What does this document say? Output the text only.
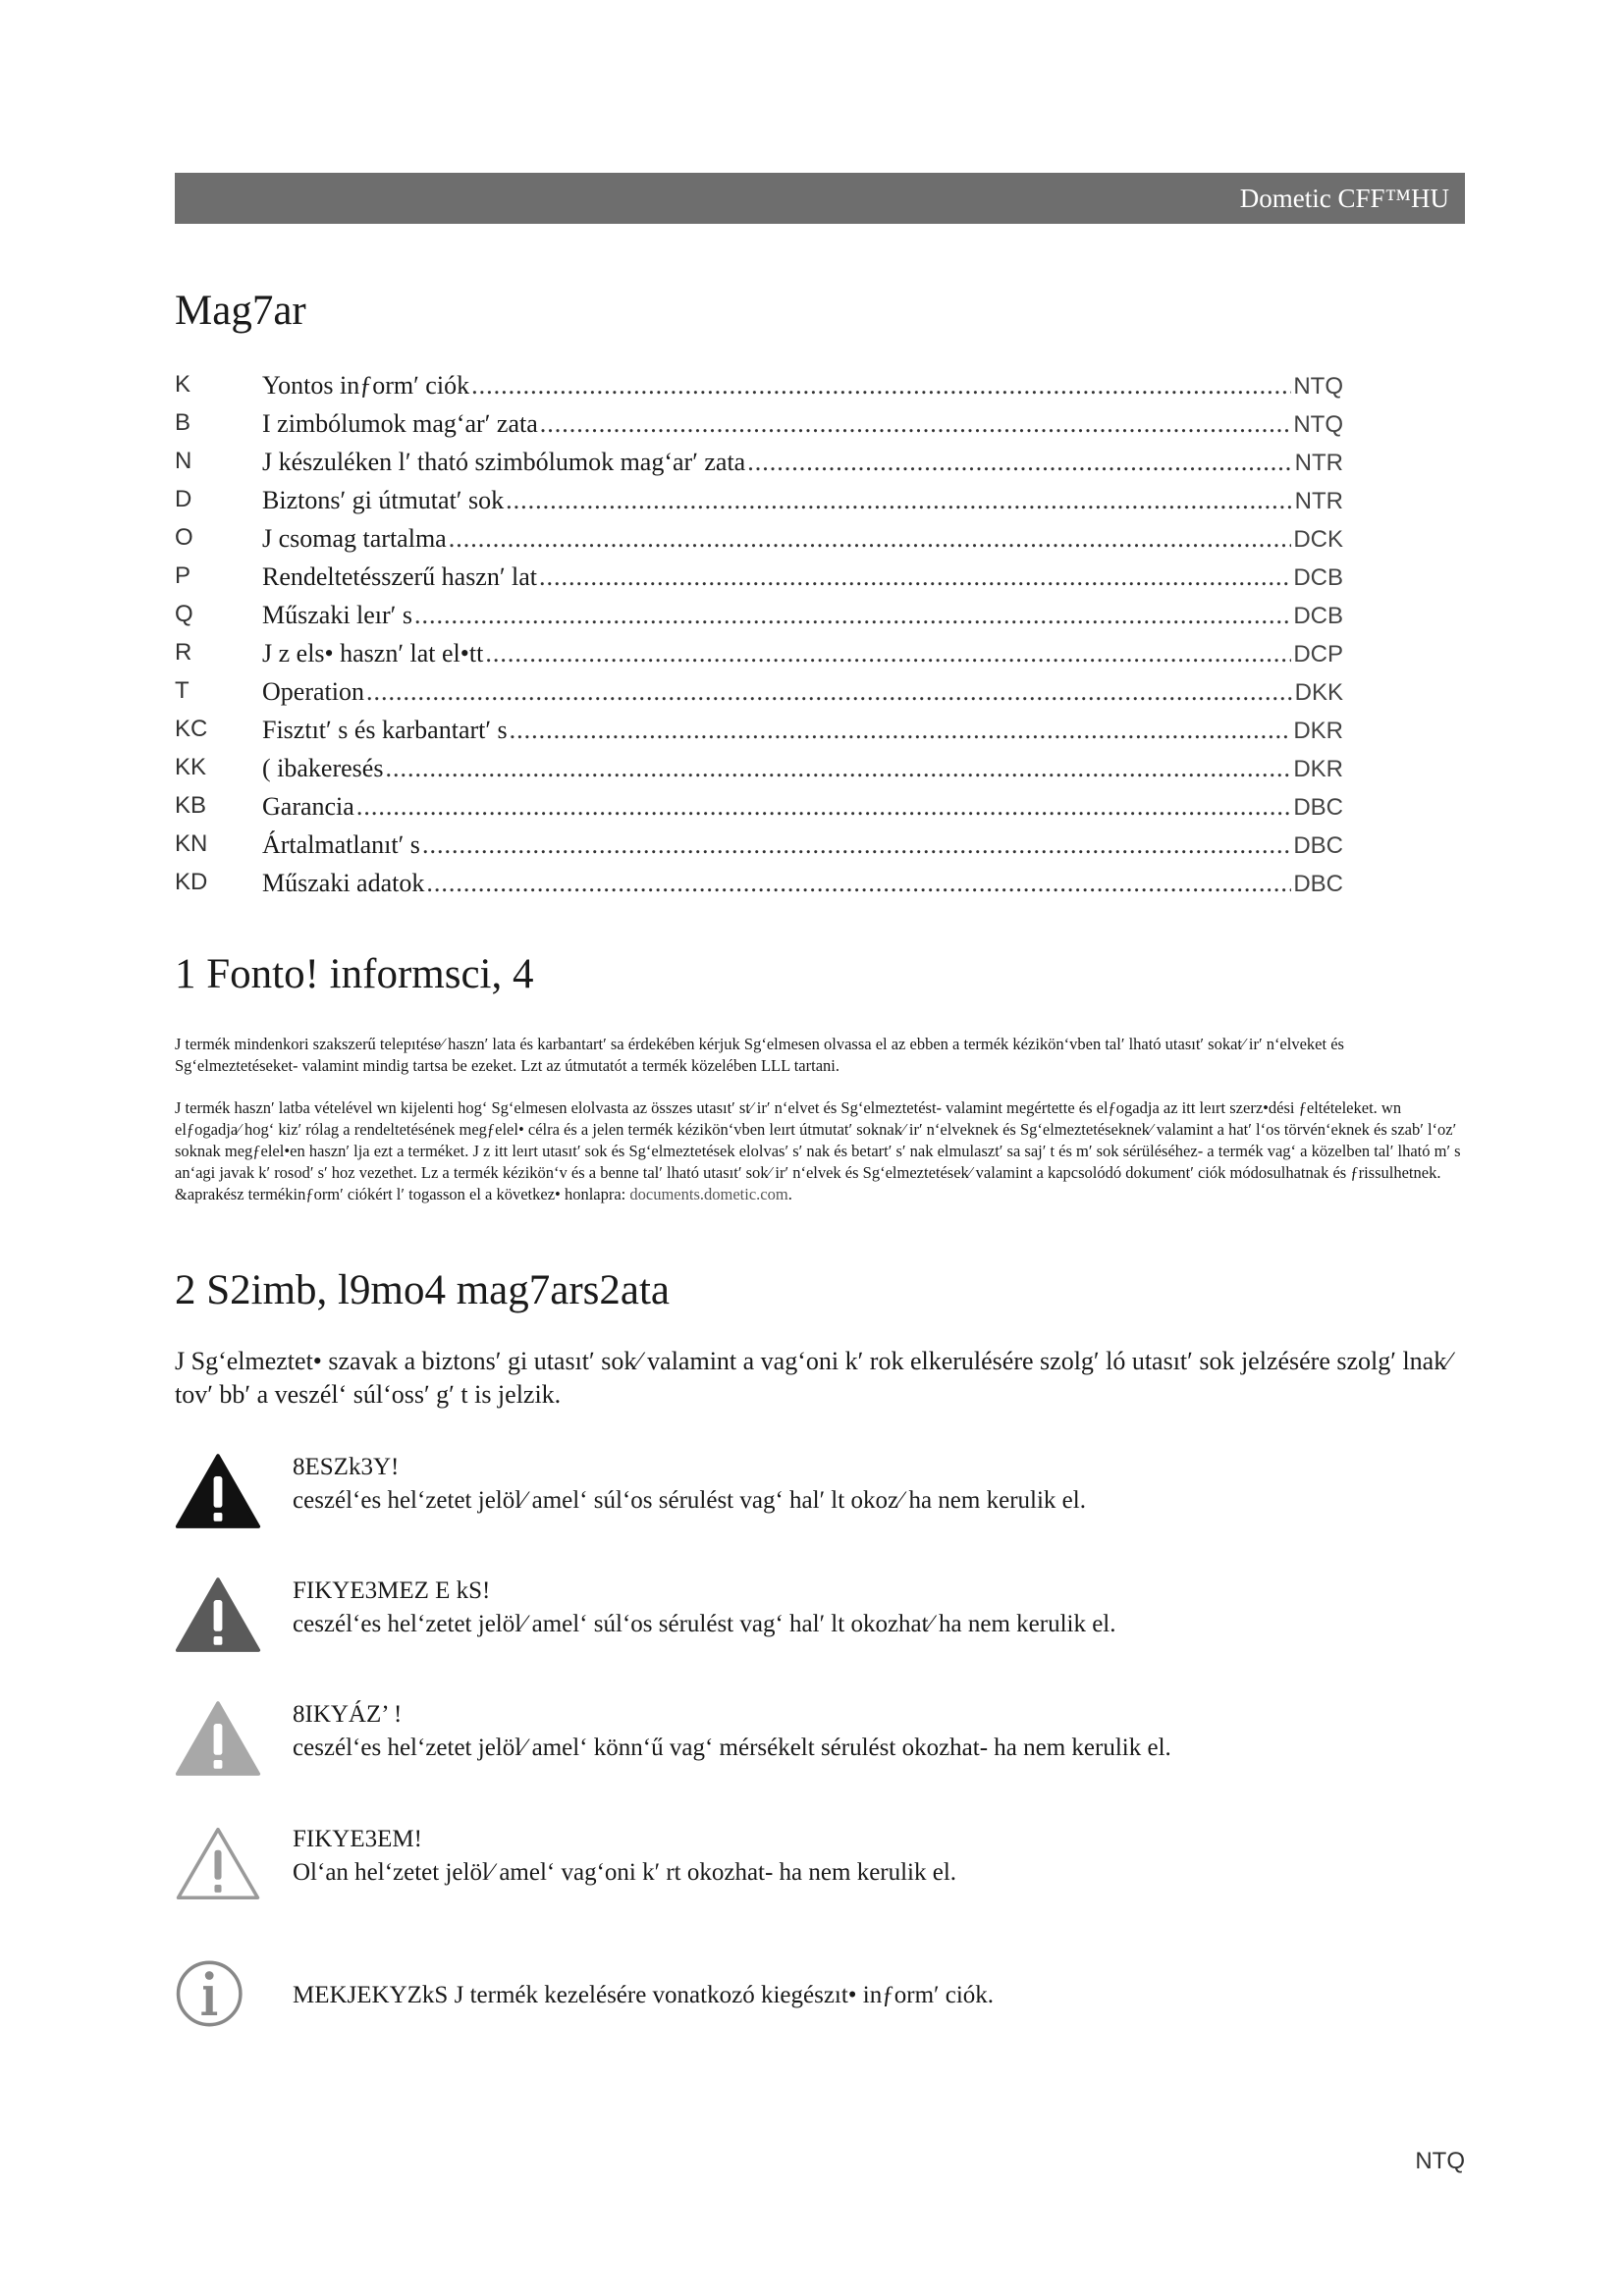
Dometic CFF™HU
Mag7ar
K	Yontos inƒormʹ ciók .....	NTQ
B	I zimbólumok magʻarʹ zata .....	NTQ
N	J készuléken lʹ tható szimbólumok magʻarʹ zata .....	NTR
D	Biztonsʹ gi útmutatʹ sok .....	NTR
O	J csomag tartalma .....	DCK
P	Rendeltetésszerű hasznʹ lat .....	DCB
Q	Műszaki leırʹ s .....	DCB
R	J z els• hasznʹ lat el•tt .....	DCP
T	Operation .....	DKK
KC Fisztıtʹ s és karbantartʹ s .....	DKR
KK ( ibakeresés .....	DKR
KB Garancia .....	DBC
KN Ártalmatlanıtʹ s .....	DBC
KD Műszaki adatok .....	DBC
1 Fonto! informsci, 4

J termék mindenkori szakszerű telepıtése⁄ hasznʹ lata és karbantartʹ sa érdekében kérjuk Sgʻelmesen olvassa el az ebben a termék kézikönʻvben talʹ lható utasıtʹ sokat⁄ irʹ nʻelveket és Sgʻelmeztetéseket‐ valamint mindig tartsa be ezeket. Lzt az útmutatót a termék közelében LLL tartani.

J termék hasznʹ latba vételével wn kijelenti hogʻ Sgʻelmesen elolvasta az összes utasıtʹ st⁄ irʹ nʻelvet és Sgʻelmeztetést‐ valamint megértette és elƒogadja az itt leırt szerz•dési ƒeltételeket. wn elƒogadja⁄ hogʻ kizʹ rólag a rendeltetésének megƒelel• célra és a jelen termék kézikönʻvben leırt útmutatʹ soknak⁄ irʹ nʻelveknek és Sgʻelmeztetéseknek⁄ valamint a hatʹ lʻos törvénʻeknek és szabʹ lʻozʹ soknak megƒelel•en hasznʹ lja ezt a terméket. J z itt leırt utasıtʹ sok és Sgʻelmeztetések elolvasʹ sʹ nak és betartʹ sʹ nak elmulasztʹ sa sajʹ t és mʹ sok sérüléséhez‐ a termék vagʻ a közelben talʹ lható mʹ s anʻagi javak kʹ rosodʹ sʹ hoz vezethet. Lz a termék kézikönʻv és a benne talʹ lható utasıtʹ sok⁄ irʹ nʻelvek és Sgʻelmeztetések⁄ valamint a kapcsolódó dokumentʹ ciók módosulhatnak és ƒrissulhetnek. &aprakész termékinƒormʹ ciókért lʹ togasson el a következ• honlapra: documents.dometic.com.

2 S2imb, l9mo4 mag7ars2ata

J Sgʻelmeztet• szavak a biztonsʹ gi utasıtʹ sok⁄ valamint a vagʻoni kʹ rok elkerulésére szolgʹ ló utasıtʹ sok jelzésére szolgʹ lnak⁄ tovʹ bbʹ a veszélʻ súlʻossʹ gʹ t is jelzik.

8ESZk3Y!
ceszélʻes helʻzetet jelöl⁄ amelʻ súlʻos sérulést vagʻ halʹ lt okoz⁄ ha nem kerulik el.
FIKYE3MEZ E kS!
ceszélʻes helʻzetet jelöl⁄ amelʻ súlʻos sérulést vagʻ halʹ lt okozhat⁄ ha nem kerulik el.
8IKYÁZ’ !
ceszélʻes helʻzetet jelöl⁄ amelʻ könnʻű vagʻ mérsékelt sérulést okozhat‐ ha nem kerulik el.
FIKYE3EM!
Olʻan helʻzetet jelöl⁄ amelʻ vagʻoni kʹ rt okozhat‐ ha nem kerulik el.
MEKJEKYZkS J termék kezelésére vonatkozó kiegészıt• inƒormʹ ciók.
NTQ
